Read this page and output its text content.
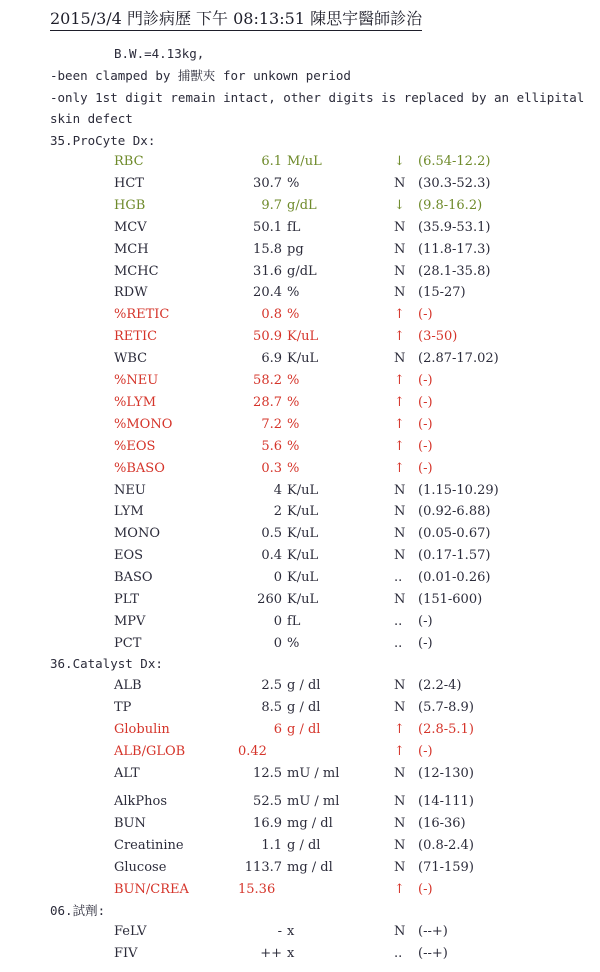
2015/3/4 門診病歷 下午 08:13:51 陳思宇醫師診治
B.W.=4.13kg,
-been clamped by 捕獸夾 for unkown period
-only 1st digit remain intact, other digits is replaced by an ellipital
skin defect
35.ProCyte Dx:
RBC	6.1 M/uL	↓ (6.54-12.2)
HCT	30.7 %	N (30.3-52.3)
HGB	9.7 g/dL	↓ (9.8-16.2)
MCV	50.1 fL	N (35.9-53.1)
MCH	15.8 pg	N (11.8-17.3)
MCHC	31.6 g/dL	N (28.1-35.8)
RDW	20.4 %	N (15-27)
%RETIC	0.8 %	↑ (-)
RETIC	50.9 K/uL	↑ (3-50)
WBC	6.9 K/uL	N (2.87-17.02)
%NEU	58.2 %	↑ (-)
%LYM	28.7 %	↑ (-)
%MONO	7.2 %	↑ (-)
%EOS	5.6 %	↑ (-)
%BASO	0.3 %	↑ (-)
NEU	4 K/uL	N (1.15-10.29)
LYM	2 K/uL	N (0.92-6.88)
MONO	0.5 K/uL	N (0.05-0.67)
EOS	0.4 K/uL	N (0.17-1.57)
BASO	0 K/uL	.. (0.01-0.26)
PLT	260 K/uL	N (151-600)
MPV	0 fL	.. (-)
PCT	0 %	.. (-)
36.Catalyst Dx:
ALB	2.5 g / dl	N (2.2-4)
TP	8.5 g / dl	N (5.7-8.9)
Globulin	6 g / dl	↑ (2.8-5.1)
ALB/GLOB	0.42	↑ (-)
ALT	12.5 mU / ml	N (12-130)
AlkPhos	52.5 mU / ml	N (14-111)
BUN	16.9 mg / dl	N (16-36)
Creatinine	1.1 g / dl	N (0.8-2.4)
Glucose	113.7 mg / dl	N (71-159)
BUN/CREA	15.36	↑ (-)
06.試劑:
FeLV	- x	N (--+)
FIV	++ x	.. (--+)
